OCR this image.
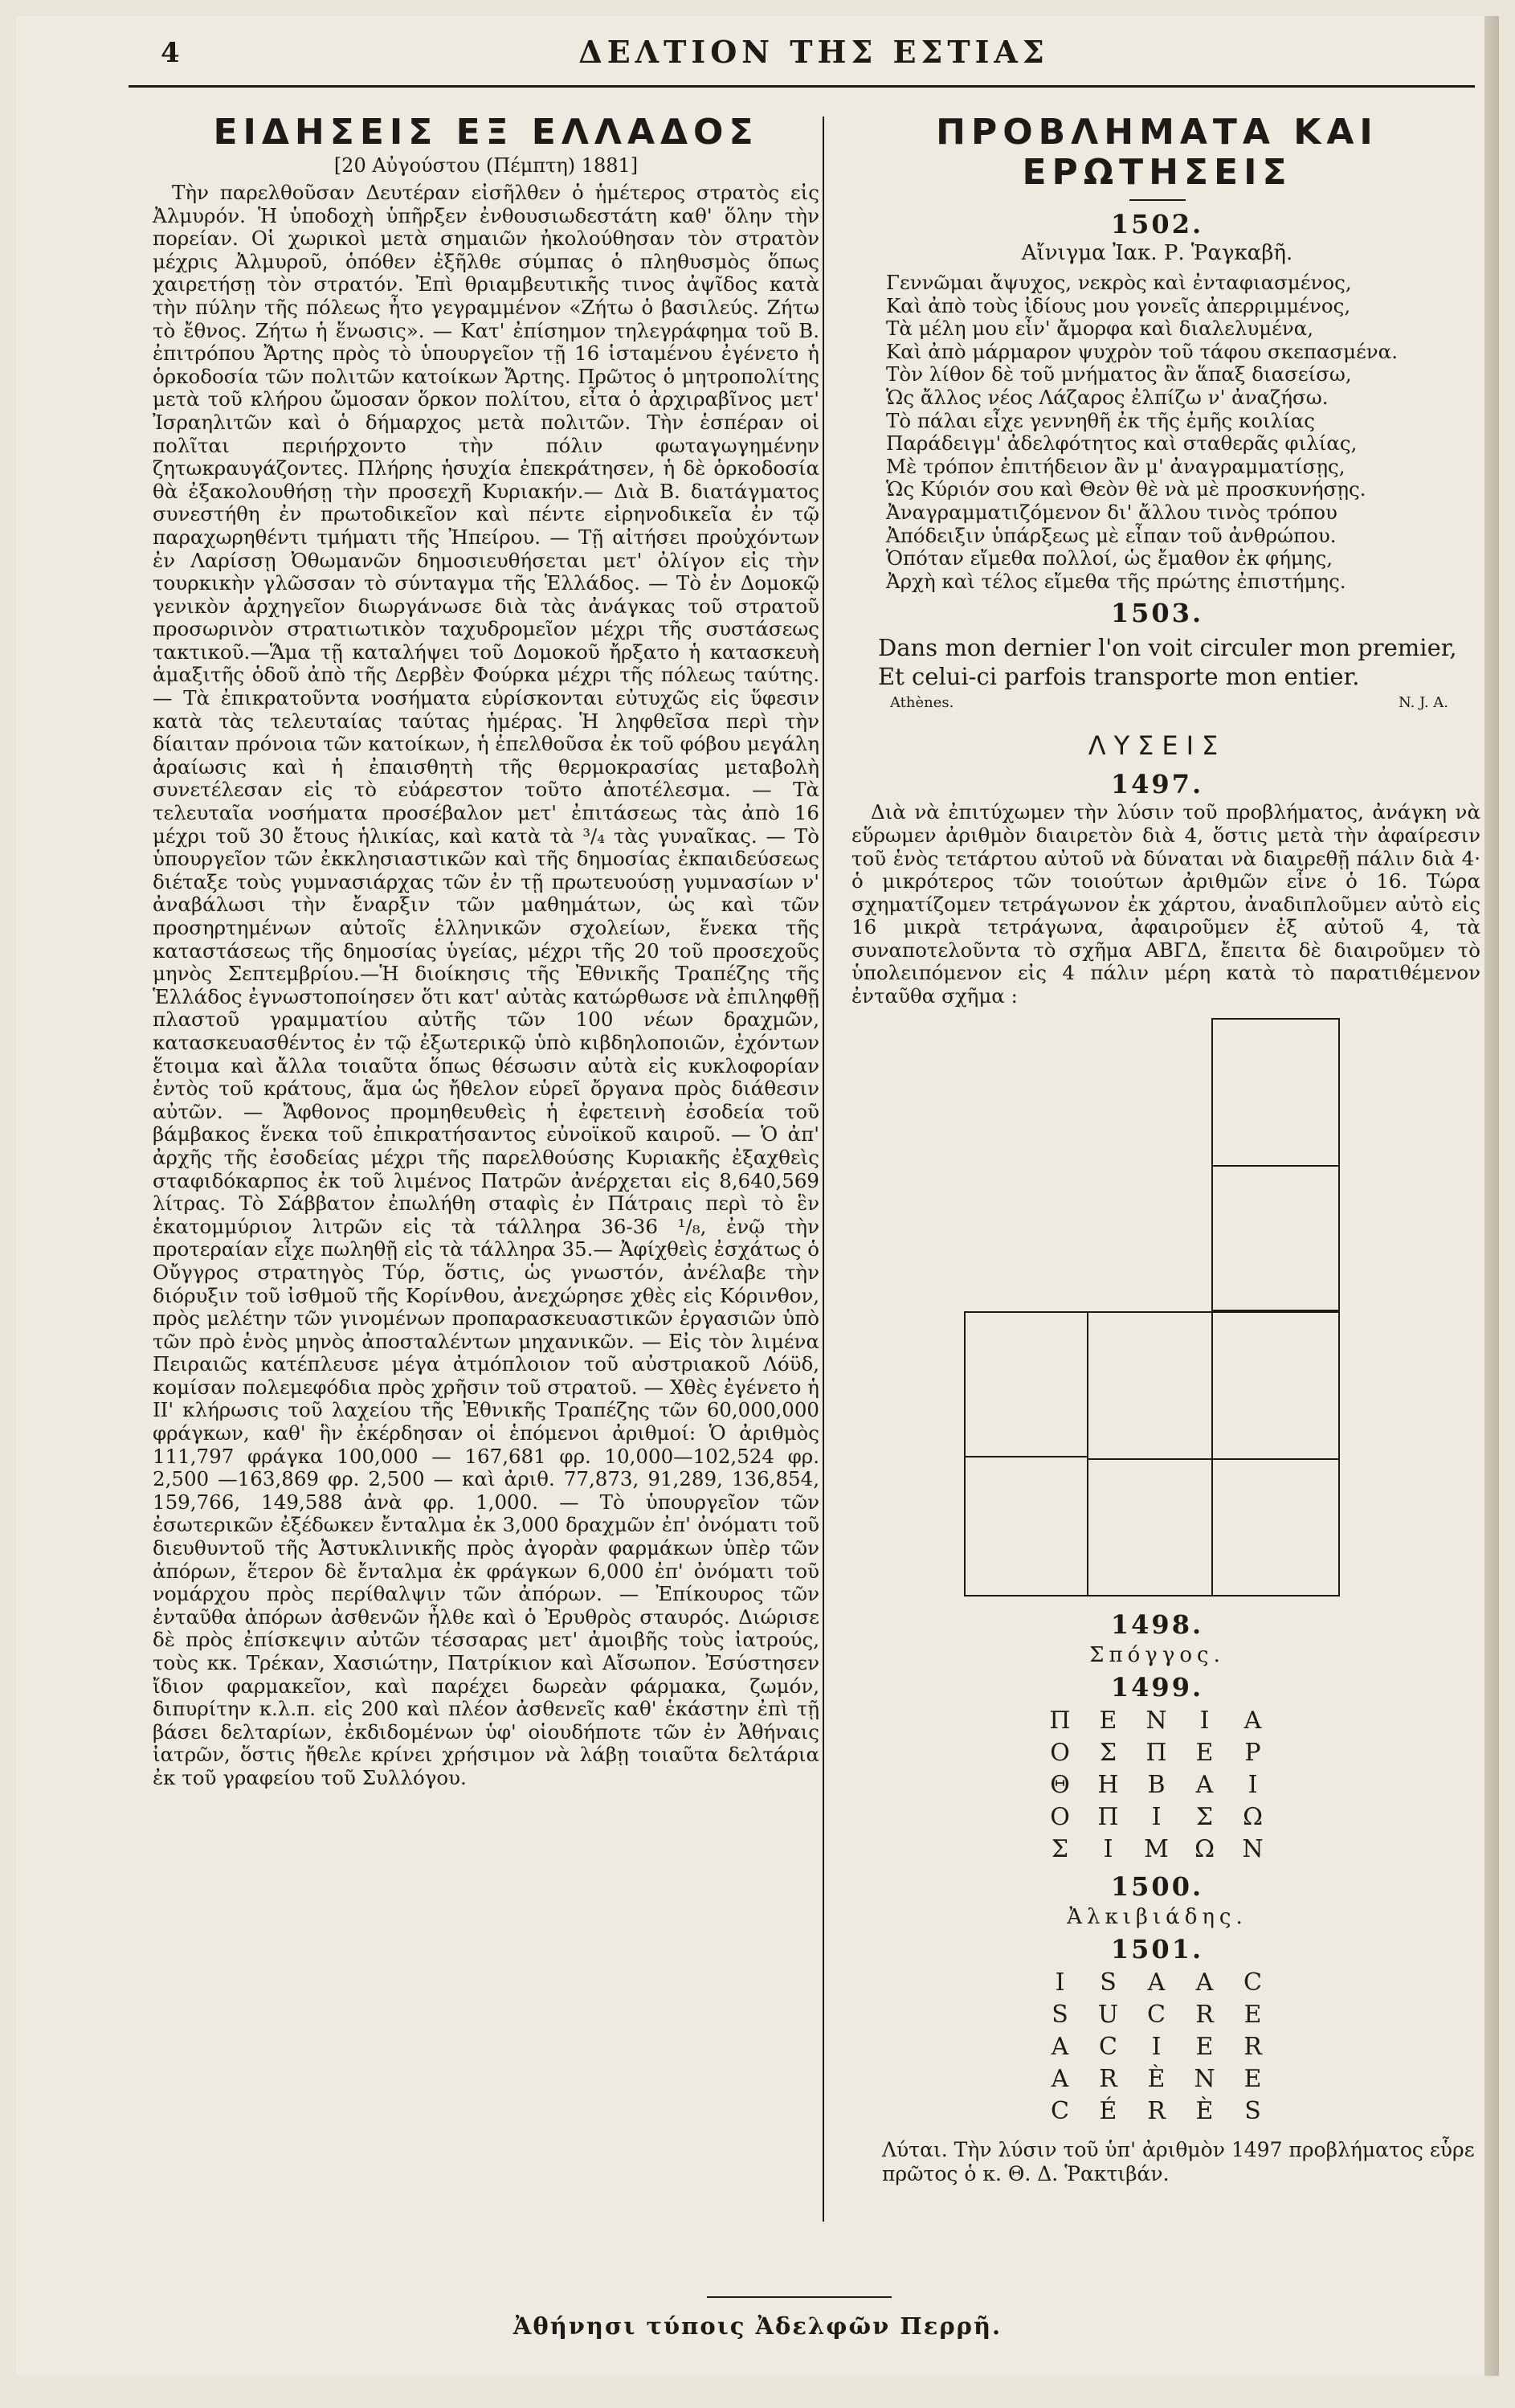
4	ΔΕΛΤΙΟΝ ΤΗΣ ΕΣΤΙΑΣ
ΕΙΔΗΣΕΙΣ ΕΞ ΕΛΛΑΔΟΣ
[20 Αὐγούστου (Πέμπτη) 1881]

Τὴν παρελθοῦσαν Δευτέραν εἰσῆλθεν ὁ ἡμέτερος στρατὸς εἰς Ἀλμυρόν. Ἡ ὑποδοχὴ ὑπῆρξεν ἐνθουσιωδεστάτη καθ' ὅλην τὴν πορείαν. Οἱ χωρικοὶ μετὰ σημαιῶν ἠκολούθησαν τὸν στρατὸν μέχρις Ἀλμυροῦ, ὁπόθεν ἐξῆλθε σύμπας ὁ πληθυσμὸς ὅπως χαιρετήσῃ τὸν στρατόν. Ἐπὶ θριαμβευτικῆς τινος ἀψῖδος κατὰ τὴν πύλην τῆς πόλεως ἦτο γεγραμμένον «Ζήτω ὁ βασιλεύς. Ζήτω τὸ ἔθνος. Ζήτω ἡ ἕνωσις». — Κατ' ἐπίσημον τηλεγράφημα τοῦ Β. ἐπιτρόπου Ἄρτης πρὸς τὸ ὑπουργεῖον τῇ 16 ἱσταμένου ἐγένετο ἡ ὁρκοδοσία τῶν πολιτῶν κατοίκων Ἄρτης. Πρῶτος ὁ μητροπολίτης μετὰ τοῦ κλήρου ὤμοσαν ὅρκον πολίτου, εἶτα ὁ ἀρχιραβῖνος μετ' Ἰσραηλιτῶν καὶ ὁ δήμαρχος μετὰ πολιτῶν. Τὴν ἑσπέραν οἱ πολῖται περιήρχοντο τὴν πόλιν φωταγωγημένην ζητωκραυγάζοντες. Πλήρης ἡσυχία ἐπεκράτησεν, ἡ δὲ ὁρκοδοσία θὰ ἐξακολουθήσῃ τὴν προσεχῆ Κυριακήν.— Διὰ Β. διατάγματος συνεστήθη ἐν πρωτοδικεῖον καὶ πέντε εἰρηνοδικεῖα ἐν τῷ παραχωρηθέντι τμήματι τῆς Ἠπείρου. — Τῇ αἰτήσει προὐχόντων ἐν Λαρίσσῃ Ὀθωμανῶν δημοσιευθήσεται μετ' ὀλίγον εἰς τὴν τουρκικὴν γλῶσσαν τὸ σύνταγμα τῆς Ἑλλάδος. — Τὸ ἐν Δομοκῷ γενικὸν ἀρχηγεῖον διωργάνωσε διὰ τὰς ἀνάγκας τοῦ στρατοῦ προσωρινὸν στρατιωτικὸν ταχυδρομεῖον μέχρι τῆς συστάσεως τακτικοῦ.—Ἅμα τῇ καταλήψει τοῦ Δομοκοῦ ἤρξατο ἡ κατασκευὴ ἁμαξιτῆς ὁδοῦ ἀπὸ τῆς Δερβὲν Φούρκα μέχρι τῆς πόλεως ταύτης. — Τὰ ἐπικρατοῦντα νοσήματα εὑρίσκονται εὐτυχῶς εἰς ὕφεσιν κατὰ τὰς τελευταίας ταύτας ἡμέρας. Ἡ ληφθεῖσα περὶ τὴν δίαιταν πρόνοια τῶν κατοίκων, ἡ ἐπελθοῦσα ἐκ τοῦ φόβου μεγάλη ἀραίωσις καὶ ἡ ἐπαισθητὴ τῆς θερμοκρασίας μεταβολὴ συνετέλεσαν εἰς τὸ εὐάρεστον τοῦτο ἀποτέλεσμα. — Τὰ τελευταῖα νοσήματα προσέβαλον μετ' ἐπιτάσεως τὰς ἀπὸ 16 μέχρι τοῦ 30 ἔτους ἡλικίας, καὶ κατὰ τὰ ³/₄ τὰς γυναῖκας. — Τὸ ὑπουργεῖον τῶν ἐκκλησιαστικῶν καὶ τῆς δημοσίας ἐκπαιδεύσεως διέταξε τοὺς γυμνασιάρχας τῶν ἐν τῇ πρωτευούσῃ γυμνασίων ν' ἀναβάλωσι τὴν ἔναρξιν τῶν μαθημάτων, ὡς καὶ τῶν προσηρτημένων αὐτοῖς ἑλληνικῶν σχολείων, ἕνεκα τῆς καταστάσεως τῆς δημοσίας ὑγείας, μέχρι τῆς 20 τοῦ προσεχοῦς μηνὸς Σεπτεμβρίου.—Ἡ διοίκησις τῆς Ἐθνικῆς Τραπέζης τῆς Ἑλλάδος ἐγνωστοποίησεν ὅτι κατ' αὐτὰς κατώρθωσε νὰ ἐπιληφθῇ πλαστοῦ γραμματίου αὐτῆς τῶν 100 νέων δραχμῶν, κατασκευασθέντος ἐν τῷ ἐξωτερικῷ ὑπὸ κιβδηλοποιῶν, ἐχόντων ἕτοιμα καὶ ἄλλα τοιαῦτα ὅπως θέσωσιν αὐτὰ εἰς κυκλοφορίαν ἐντὸς τοῦ κράτους, ἅμα ὡς ἤθελον εὑρεῖ ὄργανα πρὸς διάθεσιν αὐτῶν. — Ἄφθονος προμηθευθεὶς ἡ ἐφετεινὴ ἐσοδεία τοῦ βάμβακος ἕνεκα τοῦ ἐπικρατήσαντος εὐνοϊκοῦ καιροῦ. — Ὁ ἀπ' ἀρχῆς τῆς ἐσοδείας μέχρι τῆς παρελθούσης Κυριακῆς ἐξαχθεὶς σταφιδόκαρπος ἐκ τοῦ λιμένος Πατρῶν ἀνέρχεται εἰς 8,640,569 λίτρας. Τὸ Σάββατον ἐπωλήθη σταφὶς ἐν Πάτραις περὶ τὸ ἓν ἑκατομμύριον λιτρῶν εἰς τὰ τάλληρα 36-36 ¹/₈, ἐνῷ τὴν προτεραίαν εἶχε πωληθῇ εἰς τὰ τάλληρα 35.— Ἀφίχθεὶς ἐσχάτως ὁ Οὔγγρος στρατηγὸς Τύρ, ὅστις, ὡς γνωστόν, ἀνέλαβε τὴν διόρυξιν τοῦ ἰσθμοῦ τῆς Κορίνθου, ἀνεχώρησε χθὲς εἰς Κόρινθον, πρὸς μελέτην τῶν γινομένων προπαρασκευαστικῶν ἐργασιῶν ὑπὸ τῶν πρὸ ἑνὸς μηνὸς ἀποσταλέντων μηχανικῶν. — Εἰς τὸν λιμένα Πειραιῶς κατέπλευσε μέγα ἀτμόπλοιον τοῦ αὐστριακοῦ Λόϋδ, κομίσαν πολεμεφόδια πρὸς χρῆσιν τοῦ στρατοῦ. — Χθὲς ἐγένετο ἡ ΙΙ' κλήρωσις τοῦ λαχείου τῆς Ἐθνικῆς Τραπέζης τῶν 60,000,000 φράγκων, καθ' ἣν ἐκέρδησαν οἱ ἑπόμενοι ἀριθμοί: Ὁ ἀριθμὸς 111,797 φράγκα 100,000 — 167,681 φρ. 10,000—102,524 φρ. 2,500 —163,869 φρ. 2,500 — καὶ ἀριθ. 77,873, 91,289, 136,854, 159,766, 149,588 ἀνὰ φρ. 1,000. — Τὸ ὑπουργεῖον τῶν ἐσωτερικῶν ἐξέδωκεν ἔνταλμα ἐκ 3,000 δραχμῶν ἐπ' ὀνόματι τοῦ διευθυντοῦ τῆς Ἀστυκλινικῆς πρὸς ἀγορὰν φαρμάκων ὑπὲρ τῶν ἀπόρων, ἕτερον δὲ ἔνταλμα ἐκ φράγκων 6,000 ἐπ' ὀνόματι τοῦ νομάρχου πρὸς περίθαλψιν τῶν ἀπόρων. — Ἐπίκουρος τῶν ἐνταῦθα ἀπόρων ἀσθενῶν ἦλθε καὶ ὁ Ἐρυθρὸς σταυρός. Διώρισε δὲ πρὸς ἐπίσκεψιν αὐτῶν τέσσαρας μετ' ἀμοιβῆς τοὺς ἰατρούς, τοὺς κκ. Τρέκαν, Χασιώτην, Πατρίκιον καὶ Αἴσωπον. Ἐσύστησεν ἴδιον φαρμακεῖον, καὶ παρέχει δωρεὰν φάρμακα, ζωμόν, διπυρίτην κ.λ.π. εἰς 200 καὶ πλέον ἀσθενεῖς καθ' ἑκάστην ἐπὶ τῇ βάσει δελταρίων, ἐκδιδομένων ὑφ' οἱουδήποτε τῶν ἐν Ἀθήναις ἰατρῶν, ὅστις ἤθελε κρίνει χρήσιμον νὰ λάβῃ τοιαῦτα δελτάρια ἐκ τοῦ γραφείου τοῦ Συλλόγου.

ΠΡΟΒΛΗΜΑΤΑ ΚΑΙ ΕΡΩΤΗΣΕΙΣ
1502.
Αἴνιγμα Ἰακ. Ρ. Ῥαγκαβῆ.
Γεννῶμαι ἄψυχος, νεκρὸς καὶ ἐνταφιασμένος,
Καὶ ἀπὸ τοὺς ἰδίους μου γονεῖς ἀπερριμμένος,
Τὰ μέλη μου εἶν' ἄμορφα καὶ διαλελυμένα,
Καὶ ἀπὸ μάρμαρον ψυχρὸν τοῦ τάφου σκεπασμένα.
Τὸν λίθον δὲ τοῦ μνήματος ἂν ἅπαξ διασείσω,
Ὡς ἄλλος νέος Λάζαρος ἐλπίζω ν' ἀναζήσω.
Τὸ πάλαι εἶχε γεννηθῆ ἐκ τῆς ἐμῆς κοιλίας
Παράδειγμ' ἀδελφότητος καὶ σταθερᾶς φιλίας,
Μὲ τρόπον ἐπιτήδειον ἂν μ' ἀναγραμματίσῃς,
Ὡς Κύριόν σου καὶ Θεὸν θὲ νὰ μὲ προσκυνήσῃς.
Ἀναγραμματιζόμενον δι' ἄλλου τινὸς τρόπου
Ἀπόδειξιν ὑπάρξεως μὲ εἶπαν τοῦ ἀνθρώπου.
Ὁπόταν εἴμεθα πολλοί, ὡς ἔμαθον ἐκ φήμης,
Ἀρχὴ καὶ τέλος εἴμεθα τῆς πρώτης ἐπιστήμης.
1503.
Dans mon dernier l'on voit circuler mon premier,
Et celui-ci parfois transporte mon entier.
Athènes.	N. J. A.
ΛΥΣΕΙΣ
1497.

Διὰ νὰ ἐπιτύχωμεν τὴν λύσιν τοῦ προβλήματος, ἀνάγκη νὰ εὕρωμεν ἀριθμὸν διαιρετὸν διὰ 4, ὅστις μετὰ τὴν ἀφαίρεσιν τοῦ ἑνὸς τετάρτου αὐτοῦ νὰ δύναται νὰ διαιρεθῇ πάλιν διὰ 4· ὁ μικρότερος τῶν τοιούτων ἀριθμῶν εἶνε ὁ 16. Τώρα σχηματίζομεν τετράγωνον ἐκ χάρτου, ἀναδιπλοῦμεν αὐτὸ εἰς 16 μικρὰ τετράγωνα, ἀφαιροῦμεν ἐξ αὐτοῦ 4, τὰ συναποτελοῦντα τὸ σχῆμα ΑΒΓΔ, ἔπειτα δὲ διαιροῦμεν τὸ ὑπολειπόμενον εἰς 4 πάλιν μέρη κατὰ τὸ παρατιθέμενον ἐνταῦθα σχῆμα :

1498.
Σπόγγος.
1499.
Π	Ε	Ν	Ι	Α
Ο	Σ	Π	Ε	Ρ
Θ	Η	Β	Α	Ι
Ο	Π	Ι	Σ	Ω
Σ	Ι	Μ	Ω	Ν
1500.
Ἀλκιβιάδης.
1501.
I	S	A	A	C
S	U	C	R	E
A	C	I	E	R
A	R	È	N	E
C	É	R	È	S
Λύται. Τὴν λύσιν τοῦ ὑπ' ἀριθμὸν 1497 προβλήματος εὗρε πρῶτος ὁ κ. Θ. Δ. Ῥακτιβάν.
Ἀθήνησι τύποις Ἀδελφῶν Περρῆ.
